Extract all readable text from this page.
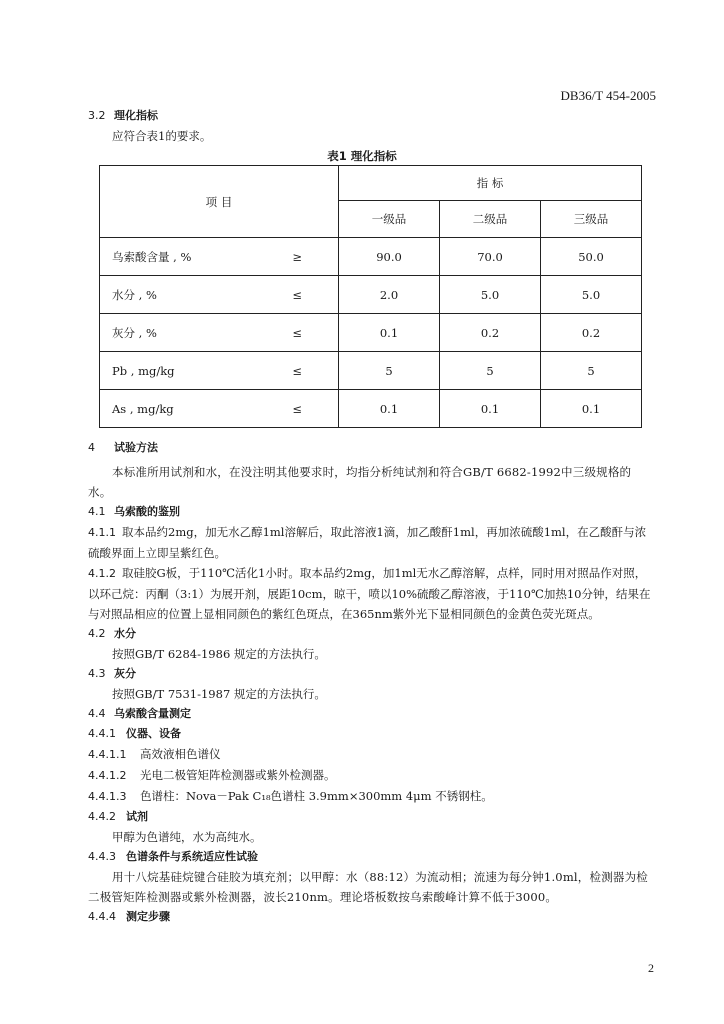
DB36/T 454-2005
3.2 理化指标
应符合表1的要求。
表1 理化指标
项 目		指 标		
		一级品	二级品	三级品
乌索酸含量 , %	≥	90.0	70.0	50.0
水分 , %	≤	2.0	5.0	5.0
灰分 , %	≤	0.1	0.2	0.2
Pb , mg/kg	≤	5	5	5
As , mg/kg	≤	0.1	0.1	0.1
4 试验方法
本标准所用试剂和水，在没注明其他要求时，均指分析纯试剂和符合GB/T 6682-1992中三级规格的水。
4.1 乌索酸的鉴别
4.1.1 取本品约2mg，加无水乙醇1ml溶解后，取此溶液1滴，加乙酸酐1ml，再加浓硫酸1ml，在乙酸酐与浓硫酸界面上立即呈紫红色。
4.1.2 取硅胶G板，于110℃活化1小时。取本品约2mg，加1ml无水乙醇溶解，点样，同时用对照品作对照，以环己烷：丙酮（3:1）为展开剂，展距10cm，晾干，喷以10%硫酸乙醇溶液，于110℃加热10分钟，结果在与对照品相应的位置上显相同颜色的紫红色斑点，在365nm紫外光下显相同颜色的金黄色荧光斑点。
4.2 水分
按照GB/T 6284-1986 规定的方法执行。
4.3 灰分
按照GB/T 7531-1987 规定的方法执行。
4.4 乌索酸含量测定
4.4.1 仪器、设备
4.4.1.1 高效液相色谱仪
4.4.1.2 光电二极管矩阵检测器或紫外检测器。
4.4.1.3 色谱柱：Nova－Pak C₁₈色谱柱 3.9mm×300mm 4μm 不锈钢柱。
4.4.2 试剂
甲醇为色谱纯，水为高纯水。
4.4.3 色谱条件与系统适应性试验
用十八烷基硅烷键合硅胶为填充剂；以甲醇：水（88:12）为流动相；流速为每分钟1.0ml，检测器为检二极管矩阵检测器或紫外检测器，波长210nm。理论塔板数按乌索酸峰计算不低于3000。
4.4.4 测定步骤
2
